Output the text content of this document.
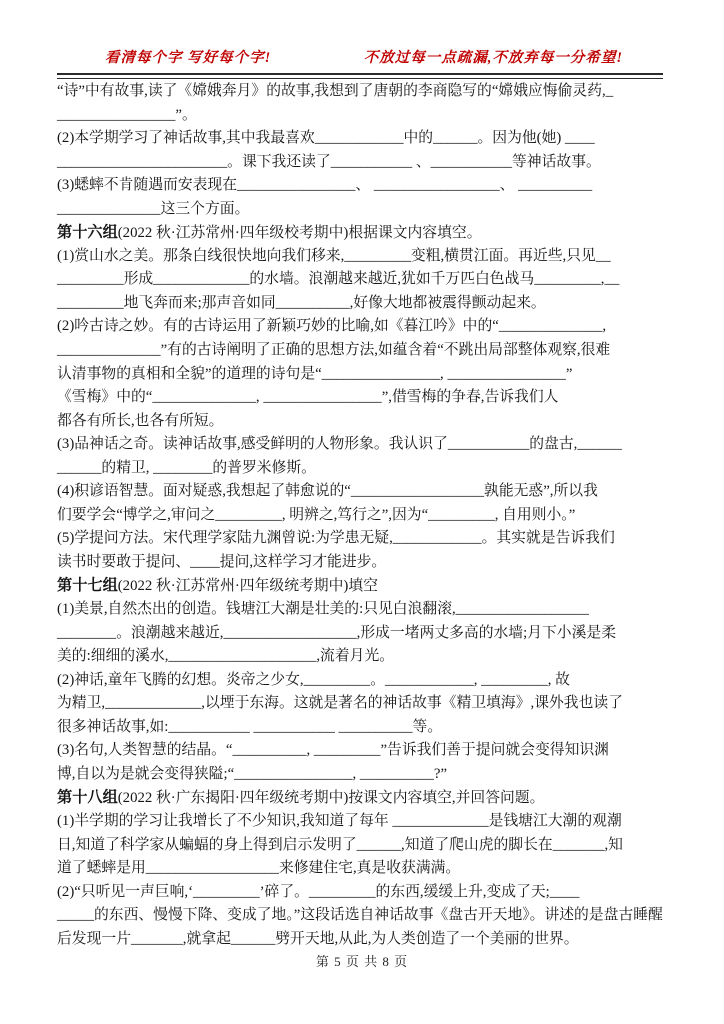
看清每个字 写好每个字!	不放过每一点疏漏,不放弃每一分希望!
“诗”中有故事,读了《嫦娥奔月》的故事,我想到了唐朝的李商隐写的“嫦娥应悔偷灵药,_
________________”。
(2)本学期学习了神话故事,其中我最喜欢____________中的______。因为他(她) ____
_______________________。课下我还读了___________ 、___________等神话故事。
(3)蟋蟀不肯随遇而安表现在________________、 _________________、 __________
______________这三个方面。
第十六组(2022 秋·江苏常州·四年级校考期中)根据课文内容填空。
(1)赏山水之美。那条白线很快地向我们移来,_________变粗,横贯江面。再近些,只见__
_________形成_____________的水墙。浪潮越来越近,犹如千万匹白色战马_________,__
_________地飞奔而来;那声音如同__________,好像大地都被震得颤动起来。
(2)吟古诗之妙。有的古诗运用了新颖巧妙的比喻,如《暮江吟》中的“______________,
______________”有的古诗阐明了正确的思想方法,如蕴含着“不跳出局部整体观察,很难
认清事物的真相和全貌”的道理的诗句是“________________, ________________”
《雪梅》中的“______________, ________________”,借雪梅的争春,告诉我们人
都各有所长,也各有所短。
(3)品神话之奇。读神话故事,感受鲜明的人物形象。我认识了___________的盘古,______
______的精卫, ________的普罗米修斯。
(4)积谚语智慧。面对疑惑,我想起了韩愈说的“__________________孰能无惑”,所以我
们要学会“博学之,审问之_________, 明辨之,笃行之”,因为“_________, 自用则小。”
(5)学提问方法。宋代理学家陆九渊曾说:为学患无疑,____________。其实就是告诉我们
读书时要敢于提问、____提问,这样学习才能进步。
第十七组(2022 秋·江苏常州·四年级统考期中)填空
(1)美景,自然杰出的创造。钱塘江大潮是壮美的:只见白浪翻滚,__________________
________。浪潮越来越近,__________________,形成一堵两丈多高的水墙;月下小溪是柔
美的:细细的溪水,____________________,流着月光。
(2)神话,童年飞腾的幻想。炎帝之少女,_________。____________, _________, 故
为精卫,_____________,以堙于东海。这就是著名的神话故事《精卫填海》,课外我也读了
很多神话故事,如:___________ ___________ __________等。
(3)名句,人类智慧的结晶。“__________, _________”告诉我们善于提问就会变得知识渊
博,自以为是就会变得狭隘;“________________, __________?”
第十八组(2022 秋·广东揭阳·四年级统考期中)按课文内容填空,并回答问题。
(1)半学期的学习让我增长了不少知识,我知道了每年 _____________是钱塘江大潮的观潮
日,知道了科学家从蝙蝠的身上得到启示发明了______,知道了爬山虎的脚长在_______,知
道了蟋蟀是用__________________来修建住宅,真是收获满满。
(2)“只听见一声巨响,‘_________’碎了。_________的东西,缓缓上升,变成了天;____
_____的东西、慢慢下降、变成了地。”这段话选自神话故事《盘古开天地》。讲述的是盘古睡醒
后发现一片_______,就拿起______劈开天地,从此,为人类创造了一个美丽的世界。
第 5 页 共 8 页
